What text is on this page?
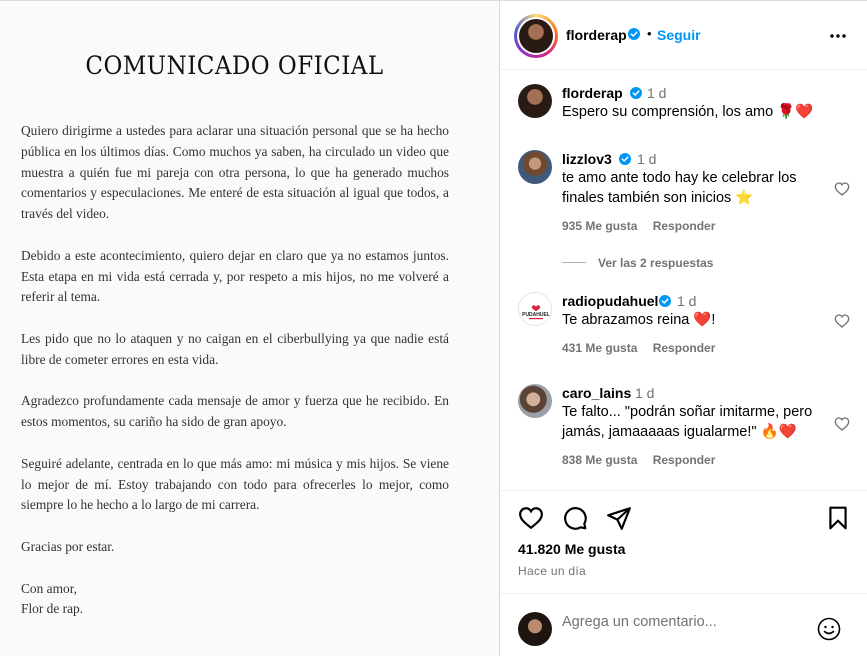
COMUNICADO OFICIAL

Quiero dirigirme a ustedes para aclarar una situación personal que se ha hecho pública en los últimos días. Como muchos ya saben, ha circulado un video que muestra a quién fue mi pareja con otra persona, lo que ha generado muchos comentarios y especulaciones. Me enteré de esta situación al igual que todos, a través del video.

Debido a este acontecimiento, quiero dejar en claro que ya no estamos juntos. Esta etapa en mi vida está cerrada y, por respeto a mis hijos, no me volveré a referir al tema.

Les pido que no lo ataquen y no caigan en el ciberbullying ya que nadie está libre de cometer errores en esta vida.

Agradezco profundamente cada mensaje de amor y fuerza que he recibido. En estos momentos, su cariño ha sido de gran apoyo.

Seguiré adelante, centrada en lo que más amo: mi música y mis hijos. Se viene lo mejor de mí. Estoy trabajando con todo para ofrecerles lo mejor, como siempre lo he hecho a lo largo de mi carrera.

Gracias por estar.

Con amor,
Flor de rap.

florderap • Seguir
florderap 1 d
Espero su comprensión, los amo 🌹❤️
lizzlov3 1 d
te amo ante todo hay ke celebrar los
finales también son inicios ⭐
935 Me gusta Responder
Ver las 2 respuestas
PUDAHUEL
radiopudahuel 1 d
Te abrazamos reina ❤️!
431 Me gusta Responder
caro_lains 1 d
Te falto... "podrán soñar imitarme, pero
jamás, jamaaaaas igualarme!" 🔥❤️
838 Me gusta Responder
41.820 Me gusta
Hace un día
Agrega un comentario...
